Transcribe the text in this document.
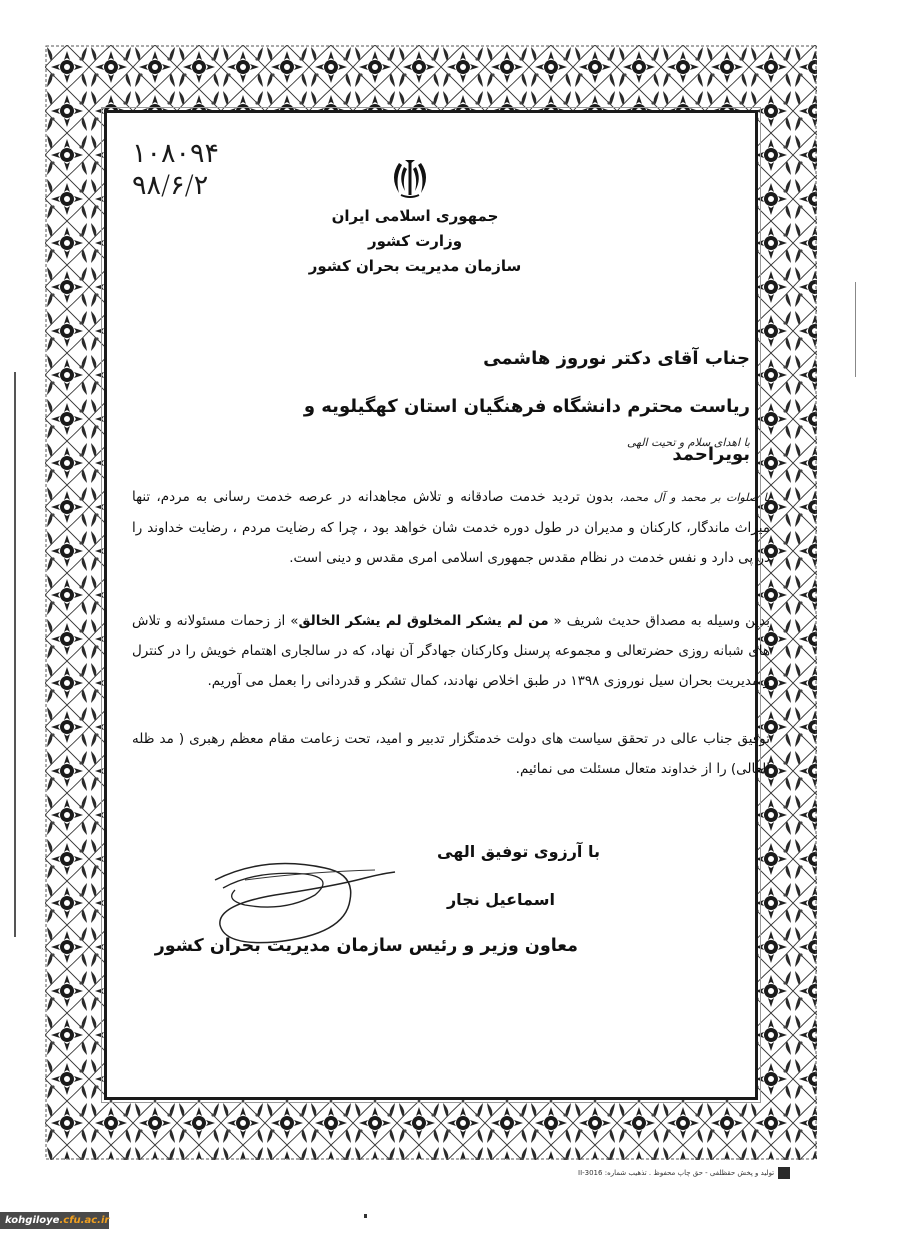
۱۰۸۰۹۴
۹۸/۶/۲
جمهوری اسلامی ایران
وزارت کشور
سازمان مدیریت بحران کشور
جناب آقای دکتر نوروز هاشمی
ریاست محترم دانشگاه فرهنگیان استان کهگیلویه و بویراحمد
با اهدای سلام و تحیت الهی
با صلوات بر محمد و آل محمد، بدون تردید خدمت صادقانه و تلاش مجاهدانه در عرصه خدمت رسانی به مردم، تنها میراث ماندگار، کارکنان و مدیران در طول دوره خدمت شان خواهد بود ، چرا که رضایت مردم ، رضایت خداوند را در پی دارد و نفس خدمت در نظام مقدس جمهوری اسلامی امری مقدس و دینی است.
بدین وسیله به مصداق حدیث شریف « من لم یشکر المخلوق لم یشکر الخالق» از زحمات مسئولانه و تلاش های شبانه روزی حضرتعالی و مجموعه پرسنل وکارکنان جهادگر آن نهاد، که در سالجاری اهتمام خویش را در کنترل و مدیریت بحران سیل نوروزی ۱۳۹۸ در طبق اخلاص نهادند، کمال تشکر و قدردانی را بعمل می آوریم.
توفیق جناب عالی در تحقق سیاست های دولت خدمتگزار تدبیر و امید، تحت زعامت مقام معظم رهبری ( مد ظله العالی) را از خداوند متعال مسئلت می نمائیم.
با آرزوی توفیق الهی
اسماعیل نجار
معاون وزیر و رئیس سازمان مدیریت بحران کشور
تولید و پخش حقظلفی - حق چاپ محفوظ . تذهیب شماره: II-3016
kohgiloye .cfu.ac.ir
